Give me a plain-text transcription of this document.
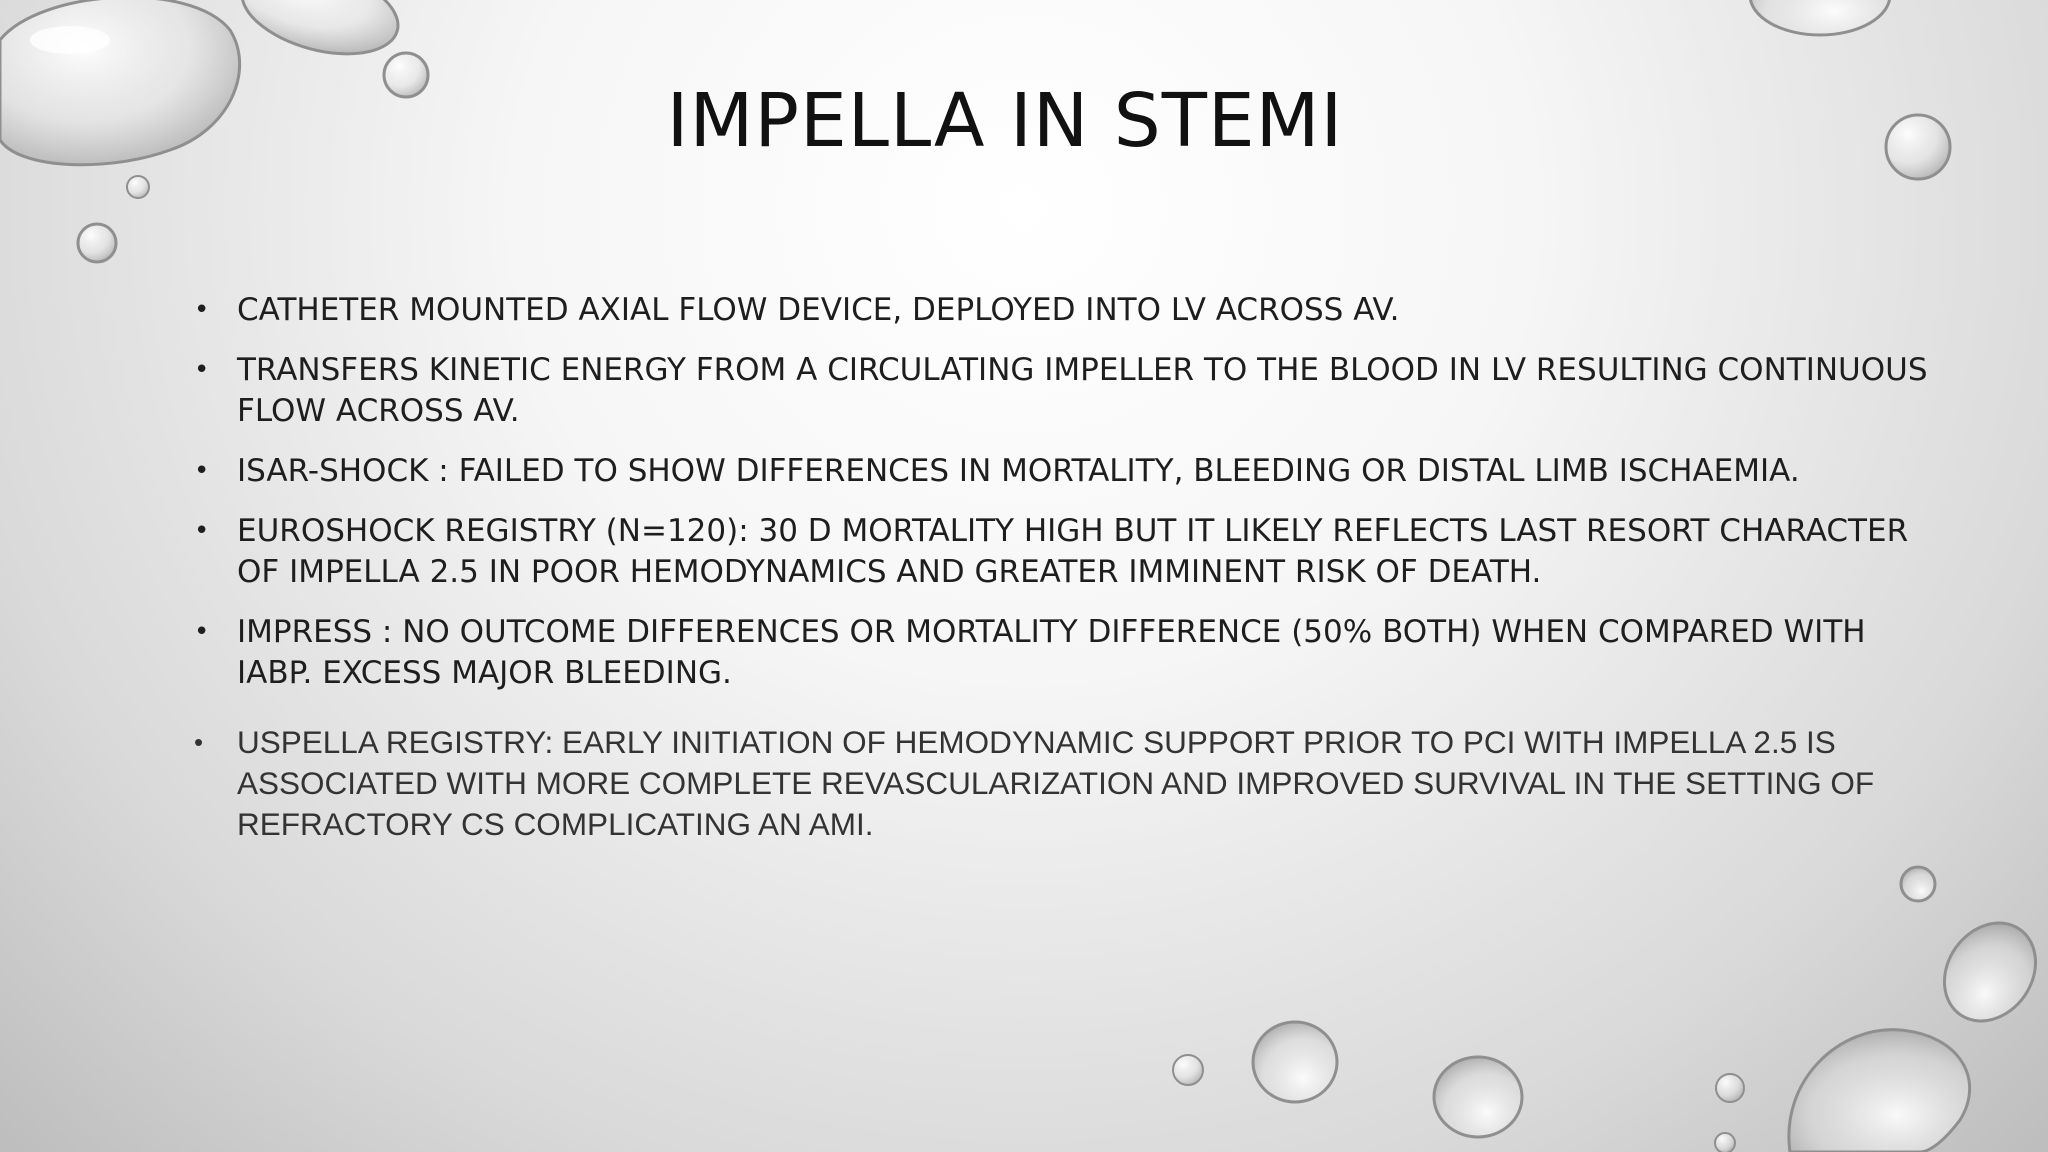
IMPELLA IN STEMI
• CATHETER MOUNTED AXIAL FLOW DEVICE, DEPLOYED INTO LV ACROSS AV.
• TRANSFERS KINETIC ENERGY FROM A CIRCULATING IMPELLER TO THE BLOOD IN LV RESULTING CONTINUOUS FLOW ACROSS AV.
• ISAR-SHOCK : FAILED TO SHOW DIFFERENCES IN MORTALITY, BLEEDING OR DISTAL LIMB ISCHAEMIA.
• EUROSHOCK REGISTRY (N=120): 30 D MORTALITY HIGH BUT IT LIKELY REFLECTS LAST RESORT CHARACTER OF IMPELLA 2.5 IN POOR HEMODYNAMICS AND GREATER IMMINENT RISK OF DEATH.
• IMPRESS : NO OUTCOME DIFFERENCES OR MORTALITY DIFFERENCE (50% BOTH) WHEN COMPARED WITH IABP. EXCESS MAJOR BLEEDING.
• USPELLA REGISTRY: EARLY INITIATION OF HEMODYNAMIC SUPPORT PRIOR TO PCI WITH IMPELLA 2.5 IS ASSOCIATED WITH MORE COMPLETE REVASCULARIZATION AND IMPROVED SURVIVAL IN THE SETTING OF REFRACTORY CS COMPLICATING AN AMI.
